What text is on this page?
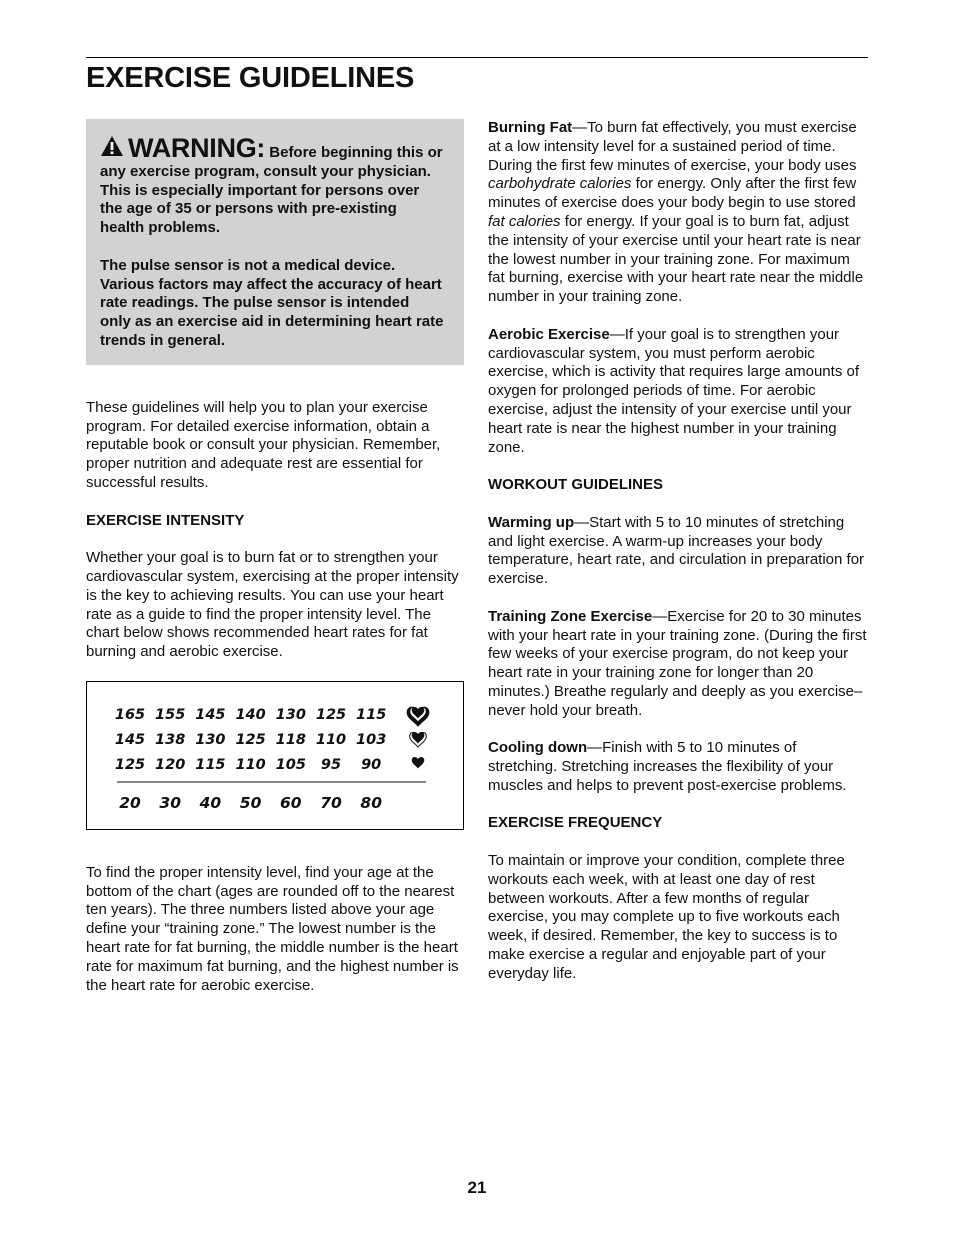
EXERCISE GUIDELINES

WARNING: Before beginning this or any exercise program, consult your physician. This is especially important for persons over the age of 35 or persons with pre-existing health problems.

The pulse sensor is not a medical device. Various factors may affect the accuracy of heart rate readings. The pulse sensor is intended only as an exercise aid in determining heart rate trends in general.

These guidelines will help you to plan your exercise program. For detailed exercise information, obtain a reputable book or consult your physician. Remember, proper nutrition and adequate rest are essential for successful results.

EXERCISE INTENSITY

Whether your goal is to burn fat or to strengthen your cardiovascular system, exercising at the proper intensity is the key to achieving results. You can use your heart rate as a guide to find the proper intensity level. The chart below shows recommended heart rates for fat burning and aerobic exercise.

165 155 145 140 130 125 115
145 138 130 125 118 110 103
125 120 115 110 105 95 90
20 30 40 50 60 70 80

To find the proper intensity level, find your age at the bottom of the chart (ages are rounded off to the nearest ten years). The three numbers listed above your age define your “training zone.” The lowest number is the heart rate for fat burning, the middle number is the heart rate for maximum fat burning, and the highest number is the heart rate for aerobic exercise.

Burning Fat—To burn fat effectively, you must exercise at a low intensity level for a sustained period of time. During the first few minutes of exercise, your body uses carbohydrate calories for energy. Only after the first few minutes of exercise does your body begin to use stored fat calories for energy. If your goal is to burn fat, adjust the intensity of your exercise until your heart rate is near the lowest number in your training zone. For maximum fat burning, exercise with your heart rate near the middle number in your training zone.

Aerobic Exercise—If your goal is to strengthen your cardiovascular system, you must perform aerobic exercise, which is activity that requires large amounts of oxygen for prolonged periods of time. For aerobic exercise, adjust the intensity of your exercise until your heart rate is near the highest number in your training zone.

WORKOUT GUIDELINES

Warming up—Start with 5 to 10 minutes of stretching and light exercise. A warm-up increases your body temperature, heart rate, and circulation in preparation for exercise.

Training Zone Exercise—Exercise for 20 to 30 minutes with your heart rate in your training zone. (During the first few weeks of your exercise program, do not keep your heart rate in your training zone for longer than 20 minutes.) Breathe regularly and deeply as you exercise–never hold your breath.

Cooling down—Finish with 5 to 10 minutes of stretching. Stretching increases the flexibility of your muscles and helps to prevent post-exercise problems.

EXERCISE FREQUENCY

To maintain or improve your condition, complete three workouts each week, with at least one day of rest between workouts. After a few months of regular exercise, you may complete up to five workouts each week, if desired. Remember, the key to success is to make exercise a regular and enjoyable part of your everyday life.

21
